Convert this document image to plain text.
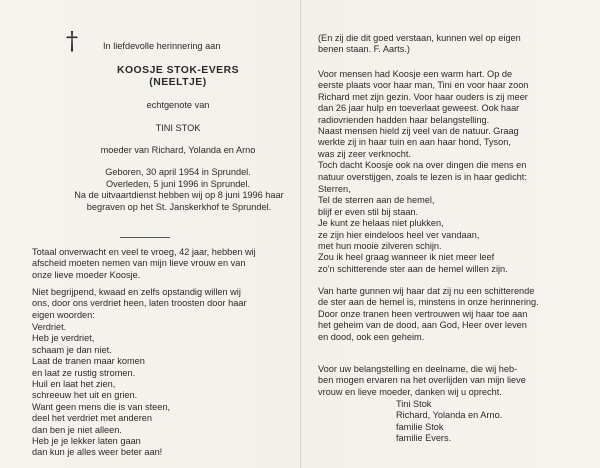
†	In liefdevolle herinnering aan
KOOSJE STOK-EVERS
(NEELTJE)
echtgenote van
TINI STOK
moeder van Richard, Yolanda en Arno
Geboren, 30 april 1954 in Sprundel.
Overleden, 5 juni 1996 in Sprundel.
Na de uitvaartdienst hebben wij op 8 juni 1996 haar
begraven op het St. Janskerkhof te Sprundel.
Totaal onverwacht en veel te vroeg, 42 jaar, hebben wij
afscheid moeten nemen van mijn lieve vrouw en van
onze lieve moeder Koosje.
Niet begrijpend, kwaad en zelfs opstandig willen wij
ons, door ons verdriet heen, laten troosten door haar
eigen woorden:
Verdriet.
Heb je verdriet,
schaam je dan niet.
Laat de tranen maar komen
en laat ze rustig stromen.
Huil en laat het zien,
schreeuw het uit en grien.
Want geen mens die is van steen,
deel het verdriet met anderen
dan ben je niet alleen.
Heb je je lekker laten gaan
dan kun je alles weer beter aan!
(En zij die dit goed verstaan, kunnen wel op eigen
benen staan. F. Aarts.)
Voor mensen had Koosje een warm hart. Op de
eerste plaats voor haar man, Tini en voor haar zoon
Richard met zijn gezin. Voor haar ouders is zij meer
dan 26 jaar hulp en toeverlaat geweest. Ook haar
radiovrienden hadden haar belangstelling.
Naast mensen hield zij veel van de natuur. Graag
werkte zij in haar tuin en aan haar hond, Tyson,
was zij zeer verknocht.
Toch dacht Koosje ook na over dingen die mens en
natuur overstijgen, zoals te lezen is in haar gedicht:
Sterren,
Tel de sterren aan de hemel,
blijf er even stil bij staan.
Je kunt ze helaas niet plukken,
ze zijn hier eindeloos heel ver vandaan,
met hun mooie zilveren schijn.
Zou ik heel graag wanneer ik niet meer leef
zo'n schitterende ster aan de hemel willen zijn.
Van harte gunnen wij haar dat zij nu een schitterende
de ster aan de hemel is, minstens in onze herinnering.
Door onze tranen heen vertrouwen wij haar toe aan
het geheim van de dood, aan God, Heer over leven
en dood, ook een geheim.
Voor uw belangstelling en deelname, die wij heb-
ben mogen ervaren na het overlijden van mijn lieve
vrouw en lieve moeder, danken wij u oprecht.
Tini Stok
Richard, Yolanda en Arno.
familie Stok
familie Evers.
